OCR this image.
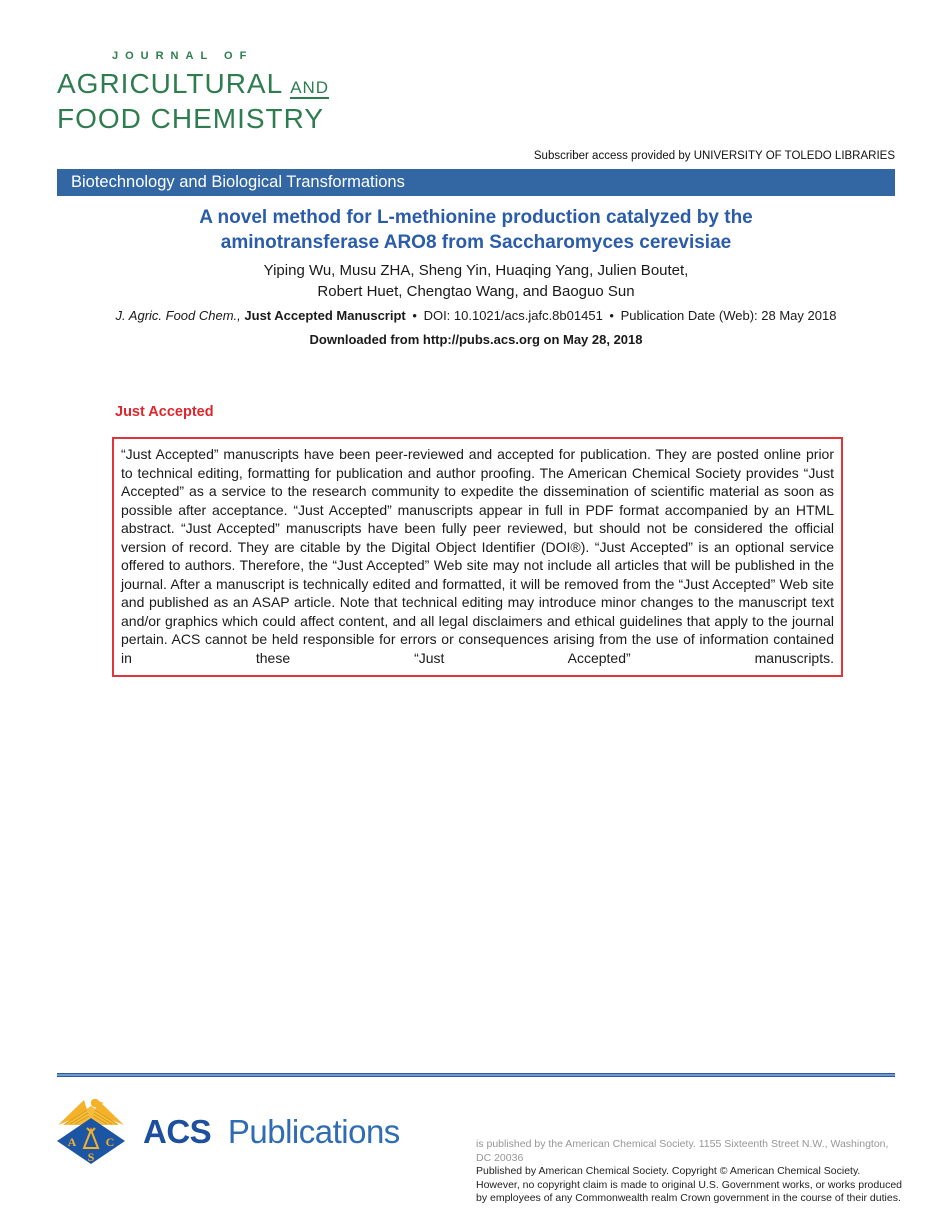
JOURNAL OF
AGRICULTURAL AND
FOOD CHEMISTRY
Subscriber access provided by UNIVERSITY OF TOLEDO LIBRARIES
Biotechnology and Biological Transformations
A novel method for L-methionine production catalyzed by the aminotransferase ARO8 from Saccharomyces cerevisiae
Yiping Wu, Musu ZHA, Sheng Yin, Huaqing Yang, Julien Boutet, Robert Huet, Chengtao Wang, and Baoguo Sun
J. Agric. Food Chem., Just Accepted Manuscript • DOI: 10.1021/acs.jafc.8b01451 • Publication Date (Web): 28 May 2018
Downloaded from http://pubs.acs.org on May 28, 2018
Just Accepted
“Just Accepted” manuscripts have been peer-reviewed and accepted for publication. They are posted online prior to technical editing, formatting for publication and author proofing. The American Chemical Society provides “Just Accepted” as a service to the research community to expedite the dissemination of scientific material as soon as possible after acceptance. “Just Accepted” manuscripts appear in full in PDF format accompanied by an HTML abstract. “Just Accepted” manuscripts have been fully peer reviewed, but should not be considered the official version of record. They are citable by the Digital Object Identifier (DOI®). “Just Accepted” is an optional service offered to authors. Therefore, the “Just Accepted” Web site may not include all articles that will be published in the journal. After a manuscript is technically edited and formatted, it will be removed from the “Just Accepted” Web site and published as an ASAP article. Note that technical editing may introduce minor changes to the manuscript text and/or graphics which could affect content, and all legal disclaimers and ethical guidelines that apply to the journal pertain. ACS cannot be held responsible for errors or consequences arising from the use of information contained in these “Just Accepted” manuscripts.
A C
S
ACS Publications	is published by the American Chemical Society. 1155 Sixteenth Street N.W., Washington, DC 20036
Published by American Chemical Society. Copyright © American Chemical Society. However, no copyright claim is made to original U.S. Government works, or works produced by employees of any Commonwealth realm Crown government in the course of their duties.
